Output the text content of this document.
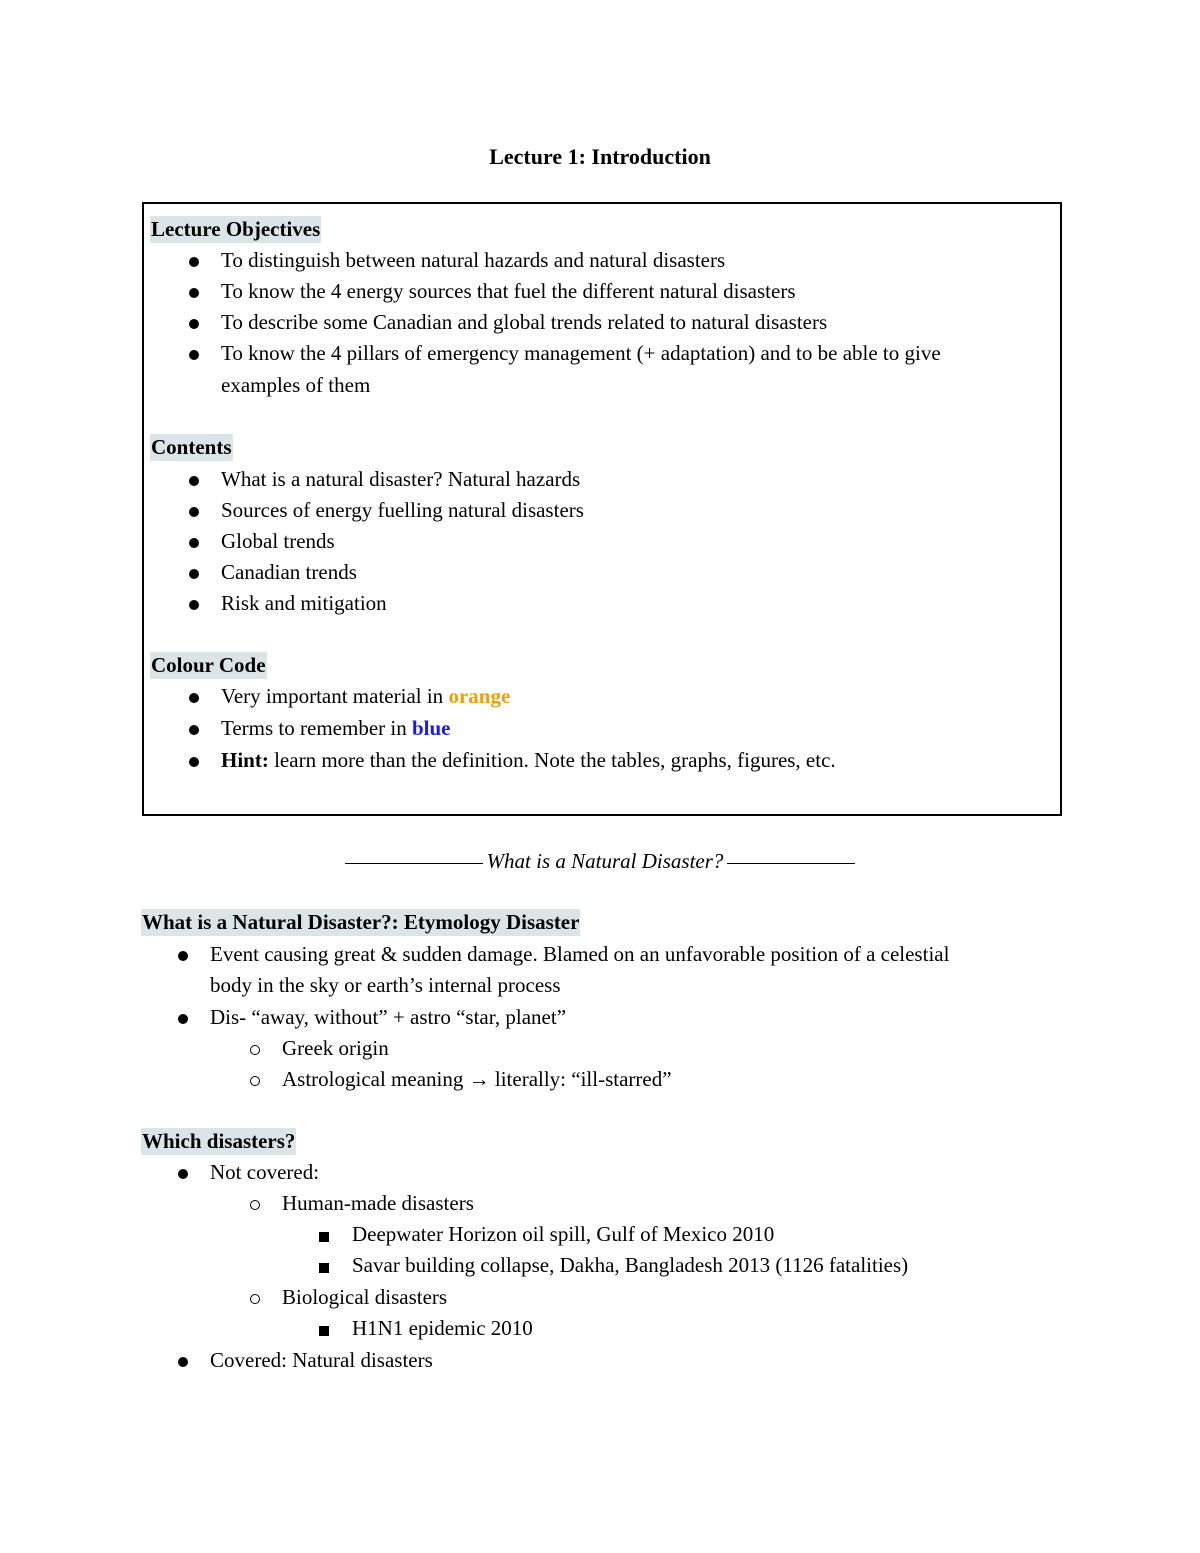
Lecture 1: Introduction
Lecture Objectives
To distinguish between natural hazards and natural disasters
To know the 4 energy sources that fuel the different natural disasters
To describe some Canadian and global trends related to natural disasters
To know the 4 pillars of emergency management (+ adaptation) and to be able to give
examples of them
Contents
What is a natural disaster? Natural hazards
Sources of energy fuelling natural disasters
Global trends
Canadian trends
Risk and mitigation
Colour Code
Very important material in orange
Terms to remember in blue
Hint: learn more than the definition. Note the tables, graphs, figures, etc.
What is a Natural Disaster?
What is a Natural Disaster?: Etymology Disaster
Event causing great & sudden damage. Blamed on an unfavorable position of a celestial
body in the sky or earth’s internal process
Dis- “away, without” + astro “star, planet”
Greek origin
Astrological meaning → literally: “ill-starred”
Which disasters?
Not covered:
Human-made disasters
Deepwater Horizon oil spill, Gulf of Mexico 2010
Savar building collapse, Dakha, Bangladesh 2013 (1126 fatalities)
Biological disasters
H1N1 epidemic 2010
Covered: Natural disasters
